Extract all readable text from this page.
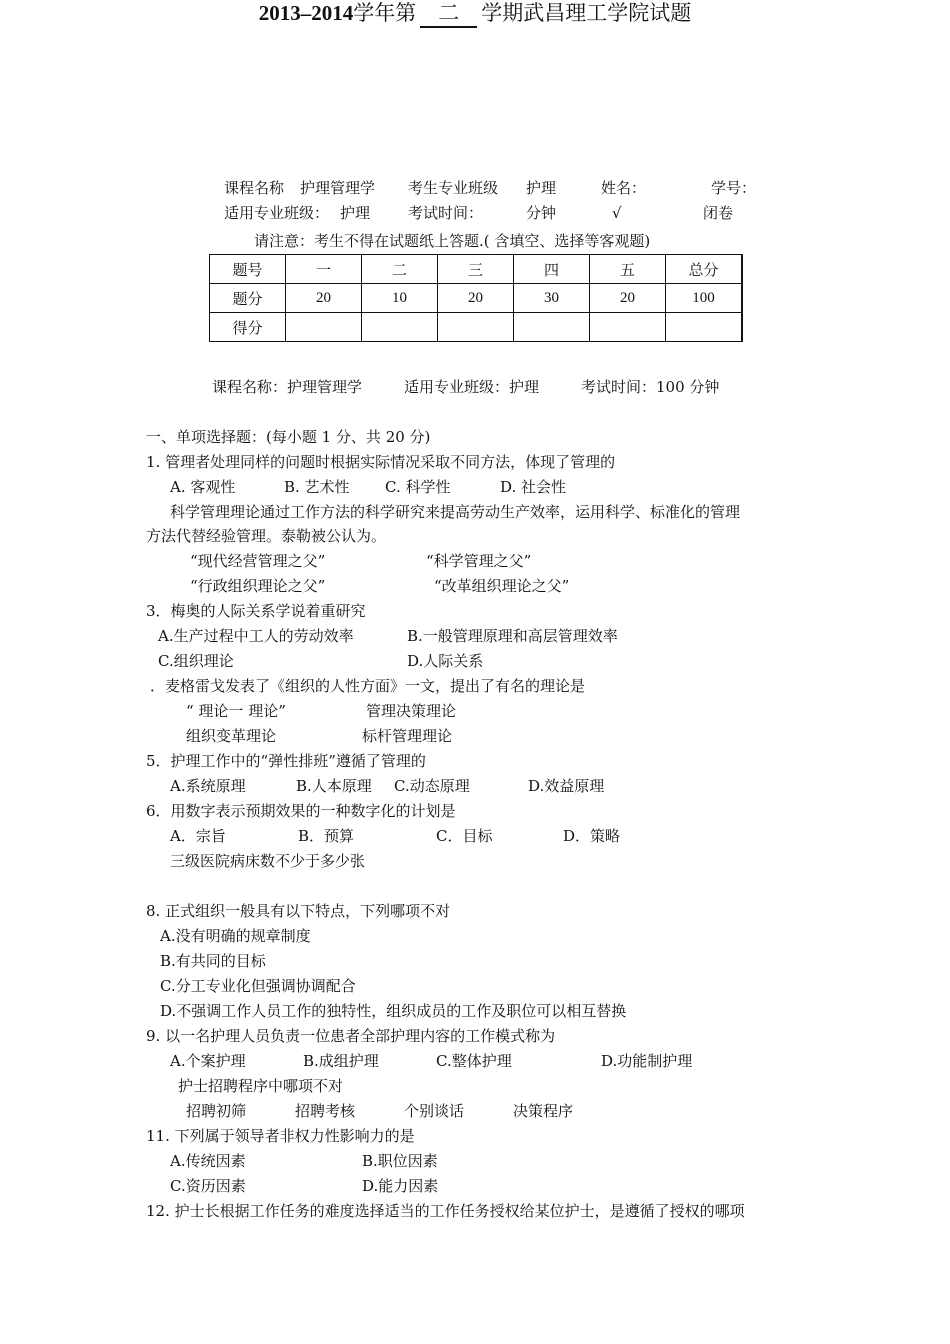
2013–2014学年第 二 学期武昌理工学院试题
课程名称 护理管理学 考生专业班级 护理	姓名：	学号：
适用专业班级： 护理	考试时间：	分钟	√	闭卷
请注意：考生不得在试题纸上答题.( 含填空、选择等客观题)
题号	一	二	三	四	五	总分
题分	20	10	20	30	20	100
得分						
课程名称：护理管理学	适用专业班级：护理	考试时间：100 分钟
一、单项选择题：(每小题 1 分、共 20 分)
1. 管理者处理同样的问题时根据实际情况采取不同方法，体现了管理的
A. 客观性	B. 艺术性 C. 科学性	D. 社会性
科学管理理论通过工作方法的科学研究来提高劳动生产效率，运用科学、标准化的管理
方法代替经验管理。泰勒被公认为。
“现代经营管理之父”	“科学管理之父”
“行政组织理论之父”	“改革组织理论之父”
3．梅奥的人际关系学说着重研究
A.生产过程中工人的劳动效率	B.一般管理原理和高层管理效率
C.组织理论	D.人际关系
．麦格雷戈发表了《组织的人性方面》一文，提出了有名的理论是
“ 理论一 理论”	管理决策理论
组织变革理论	标杆管理理论
5．护理工作中的“弹性排班”遵循了管理的
A.系统原理	B.人本原理 C.动态原理	D.效益原理
6．用数字表示预期效果的一种数字化的计划是
A．宗旨	B．预算	C．目标	D．策略
三级医院病床数不少于多少张
8. 正式组织一般具有以下特点，下列哪项不对
A.没有明确的规章制度
B.有共同的目标
C.分工专业化但强调协调配合
D.不强调工作人员工作的独特性，组织成员的工作及职位可以相互替换
9. 以一名护理人员负责一位患者全部护理内容的工作模式称为
A.个案护理	B.成组护理	C.整体护理	D.功能制护理
护士招聘程序中哪项不对
招聘初筛	招聘考核	个别谈话	决策程序
11. 下列属于领导者非权力性影响力的是
A.传统因素	B.职位因素
C.资历因素	D.能力因素
12. 护士长根据工作任务的难度选择适当的工作任务授权给某位护士，是遵循了授权的哪项
